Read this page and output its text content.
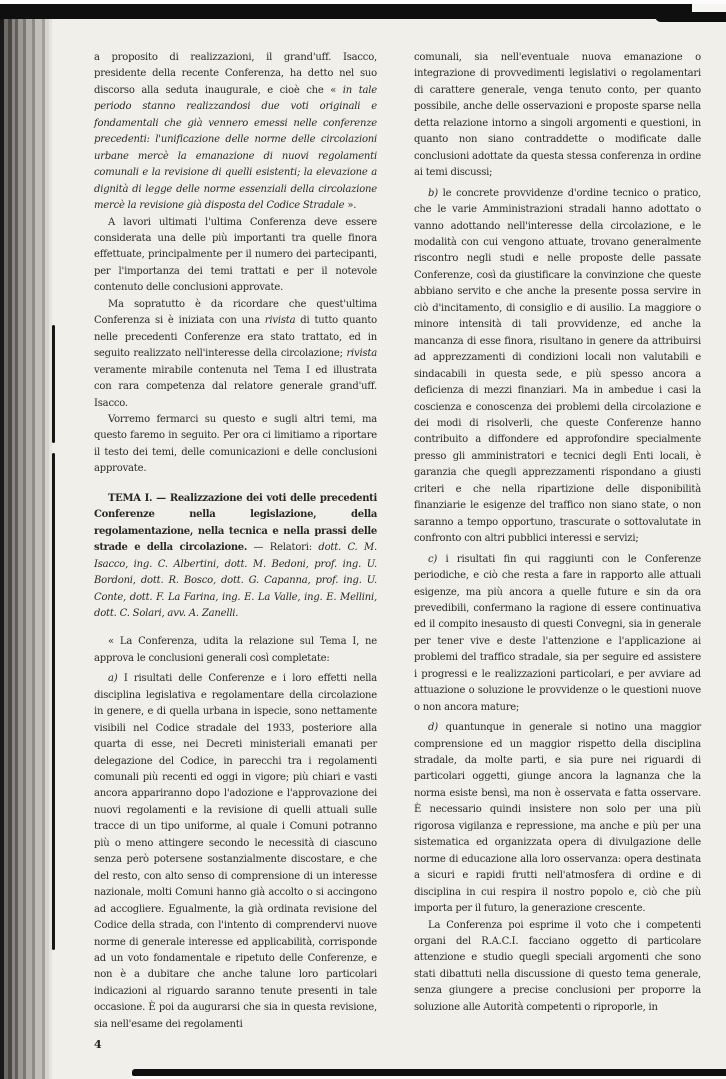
a proposito di realizzazioni, il grand'uff. Isacco, presidente della recente Conferenza, ha detto nel suo discorso alla seduta inaugurale, e cioè che « in tale periodo stanno realizzandosi due voti originali e fondamentali che già vennero emessi nelle conferenze precedenti: l'unificazione delle norme delle circolazioni urbane mercè la emanazione di nuovi regolamenti comunali e la revisione di quelli esistenti; la elevazione a dignità di legge delle norme essenziali della circolazione mercè la revisione già disposta del Codice Stradale ».

A lavori ultimati l'ultima Conferenza deve essere considerata una delle più importanti tra quelle finora effettuate, principalmente per il numero dei partecipanti, per l'importanza dei temi trattati e per il notevole contenuto delle conclusioni approvate.

Ma sopratutto è da ricordare che quest'ultima Conferenza si è iniziata con una rivista di tutto quanto nelle precedenti Conferenze era stato trattato, ed in seguito realizzato nell'interesse della circolazione; rivista veramente mirabile contenuta nel Tema I ed illustrata con rara competenza dal relatore generale grand'uff. Isacco.

Vorremo fermarci su questo e sugli altri temi, ma questo faremo in seguito. Per ora ci limitiamo a riportare il testo dei temi, delle comunicazioni e delle conclusioni approvate.

TEMA I. — Realizzazione dei voti delle precedenti Conferenze nella legislazione, della regolamentazione, nella tecnica e nella prassi delle strade e della circolazione. — Relatori: dott. C. M. Isacco, ing. C. Albertini, dott. M. Bedoni, prof. ing. U. Bordoni, dott. R. Bosco, dott. G. Capanna, prof. ing. U. Conte, dott. F. La Farina, ing. E. La Valle, ing. E. Mellini, dott. C. Solari, avv. A. Zanelli.

« La Conferenza, udita la relazione sul Tema I, ne approva le conclusioni generali così completate:

a) I risultati delle Conferenze e i loro effetti nella disciplina legislativa e regolamentare della circolazione in genere, e di quella urbana in ispecie, sono nettamente visibili nel Codice stradale del 1933, posteriore alla quarta di esse, nei Decreti ministeriali emanati per delegazione del Codice, in parecchi tra i regolamenti comunali più recenti ed oggi in vigore; più chiari e vasti ancora appariranno dopo l'adozione e l'approvazione dei nuovi regolamenti e la revisione di quelli attuali sulle tracce di un tipo uniforme, al quale i Comuni potranno più o meno attingere secondo le necessità di ciascuno senza però potersene sostanzialmente discostare, e che del resto, con alto senso di comprensione di un interesse nazionale, molti Comuni hanno già accolto o si accingono ad accogliere. Egualmente, la già ordinata revisione del Codice della strada, con l'intento di comprendervi nuove norme di generale interesse ed applicabilità, corrisponde ad un voto fondamentale e ripetuto delle Conferenze, e non è a dubitare che anche talune loro particolari indicazioni al riguardo saranno tenute presenti in tale occasione. È poi da augurarsi che sia in questa revisione, sia nell'esame dei regolamenti

comunali, sia nell'eventuale nuova emanazione o integrazione di provvedimenti legislativi o regolamentari di carattere generale, venga tenuto conto, per quanto possibile, anche delle osservazioni e proposte sparse nella detta relazione intorno a singoli argomenti e questioni, in quanto non siano contraddette o modificate dalle conclusioni adottate da questa stessa conferenza in ordine ai temi discussi;

b) le concrete provvidenze d'ordine tecnico o pratico, che le varie Amministrazioni stradali hanno adottato o vanno adottando nell'interesse della circolazione, e le modalità con cui vengono attuate, trovano generalmente riscontro negli studi e nelle proposte delle passate Conferenze, così da giustificare la convinzione che queste abbiano servito e che anche la presente possa servire in ciò d'incitamento, di consiglio e di ausilio. La maggiore o minore intensità di tali provvidenze, ed anche la mancanza di esse finora, risultano in genere da attribuirsi ad apprezzamenti di condizioni locali non valutabili e sindacabili in questa sede, e più spesso ancora a deficienza di mezzi finanziari. Ma in ambedue i casi la coscienza e conoscenza dei problemi della circolazione e dei modi di risolverli, che queste Conferenze hanno contribuito a diffondere ed approfondire specialmente presso gli amministratori e tecnici degli Enti locali, è garanzia che quegli apprezzamenti rispondano a giusti criteri e che nella ripartizione delle disponibilità finanziarie le esigenze del traffico non siano state, o non saranno a tempo opportuno, trascurate o sottovalutate in confronto con altri pubblici interessi e servizi;

c) i risultati fin qui raggiunti con le Conferenze periodiche, e ciò che resta a fare in rapporto alle attuali esigenze, ma più ancora a quelle future e sin da ora prevedibili, confermano la ragione di essere continuativa ed il compito inesausto di questi Convegni, sia in generale per tener vive e deste l'attenzione e l'applicazione ai problemi del traffico stradale, sia per seguire ed assistere i progressi e le realizzazioni particolari, e per avviare ad attuazione o soluzione le provvidenze o le questioni nuove o non ancora mature;

d) quantunque in generale si notino una maggior comprensione ed un maggior rispetto della disciplina stradale, da molte parti, e sia pure nei riguardi di particolari oggetti, giunge ancora la lagnanza che la norma esiste bensì, ma non è osservata e fatta osservare. È necessario quindi insistere non solo per una più rigorosa vigilanza e repressione, ma anche e più per una sistematica ed organizzata opera di divulgazione delle norme di educazione alla loro osservanza: opera destinata a sicuri e rapidi frutti nell'atmosfera di ordine e di disciplina in cui respira il nostro popolo e, ciò che più importa per il futuro, la generazione crescente.

La Conferenza poi esprime il voto che i competenti organi del R.A.C.I. facciano oggetto di particolare attenzione e studio quegli speciali argomenti che sono stati dibattuti nella discussione di questo tema generale, senza giungere a precise conclusioni per proporre la soluzione alle Autorità competenti o riproporle, in

4
